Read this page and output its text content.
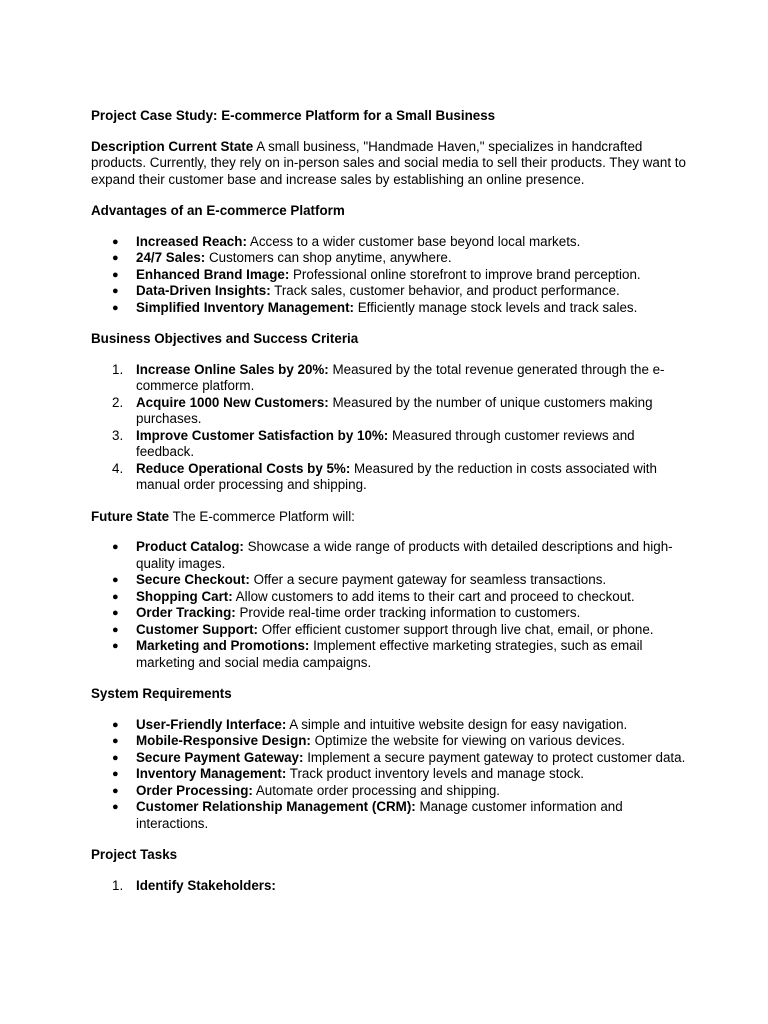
Project Case Study: E-commerce Platform for a Small Business

Description Current State A small business, "Handmade Haven," specializes in handcrafted products. Currently, they rely on in-person sales and social media to sell their products. They want to expand their customer base and increase sales by establishing an online presence.

Advantages of an E-commerce Platform

● Increased Reach: Access to a wider customer base beyond local markets.
● 24/7 Sales: Customers can shop anytime, anywhere.
● Enhanced Brand Image: Professional online storefront to improve brand perception.
● Data-Driven Insights: Track sales, customer behavior, and product performance.
● Simplified Inventory Management: Efficiently manage stock levels and track sales.

Business Objectives and Success Criteria

1. Increase Online Sales by 20%: Measured by the total revenue generated through the e-commerce platform.
2. Acquire 1000 New Customers: Measured by the number of unique customers making purchases.
3. Improve Customer Satisfaction by 10%: Measured through customer reviews and feedback.
4. Reduce Operational Costs by 5%: Measured by the reduction in costs associated with manual order processing and shipping.

Future State The E-commerce Platform will:

● Product Catalog: Showcase a wide range of products with detailed descriptions and high-quality images.
● Secure Checkout: Offer a secure payment gateway for seamless transactions.
● Shopping Cart: Allow customers to add items to their cart and proceed to checkout.
● Order Tracking: Provide real-time order tracking information to customers.
● Customer Support: Offer efficient customer support through live chat, email, or phone.
● Marketing and Promotions: Implement effective marketing strategies, such as email marketing and social media campaigns.

System Requirements

● User-Friendly Interface: A simple and intuitive website design for easy navigation.
● Mobile-Responsive Design: Optimize the website for viewing on various devices.
● Secure Payment Gateway: Implement a secure payment gateway to protect customer data.
● Inventory Management: Track product inventory levels and manage stock.
● Order Processing: Automate order processing and shipping.
● Customer Relationship Management (CRM): Manage customer information and interactions.

Project Tasks

1. Identify Stakeholders:
